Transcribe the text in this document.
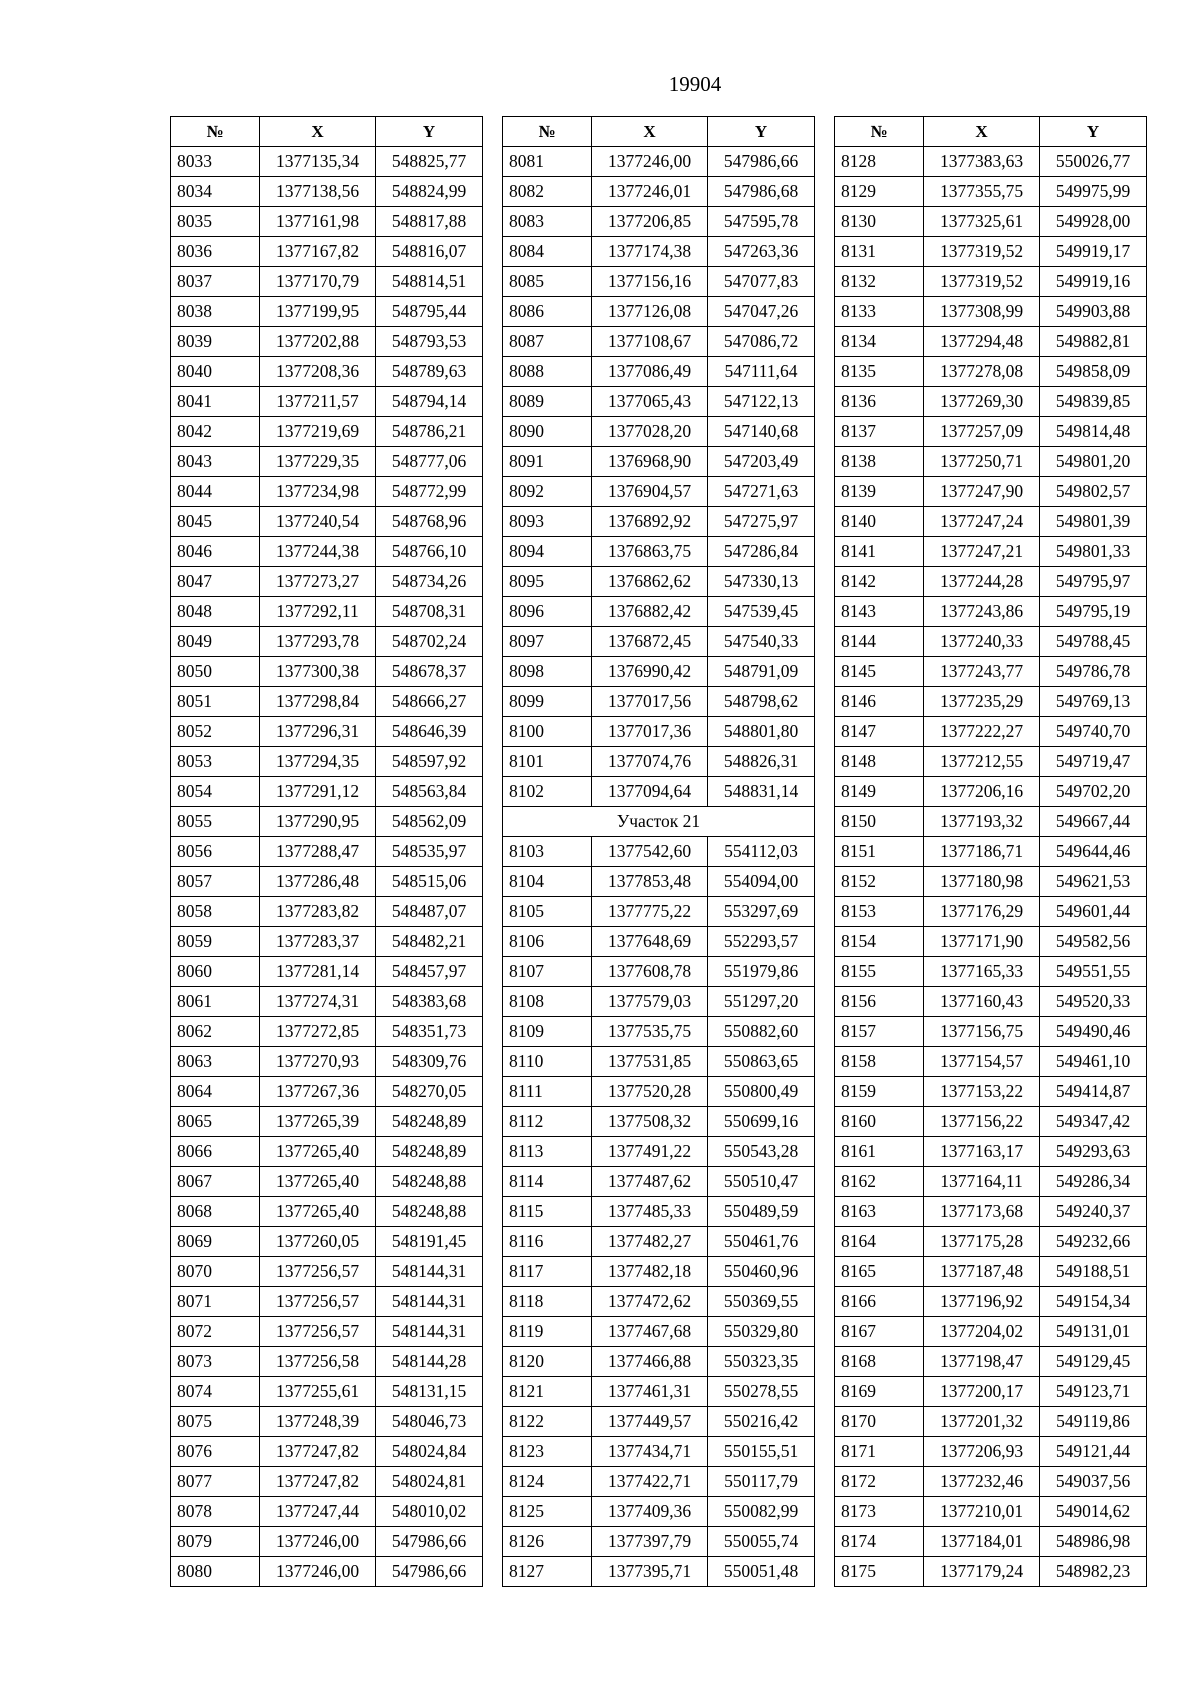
19904
№	X	Y
8033	1377135,34	548825,77
8034	1377138,56	548824,99
8035	1377161,98	548817,88
8036	1377167,82	548816,07
8037	1377170,79	548814,51
8038	1377199,95	548795,44
8039	1377202,88	548793,53
8040	1377208,36	548789,63
8041	1377211,57	548794,14
8042	1377219,69	548786,21
8043	1377229,35	548777,06
8044	1377234,98	548772,99
8045	1377240,54	548768,96
8046	1377244,38	548766,10
8047	1377273,27	548734,26
8048	1377292,11	548708,31
8049	1377293,78	548702,24
8050	1377300,38	548678,37
8051	1377298,84	548666,27
8052	1377296,31	548646,39
8053	1377294,35	548597,92
8054	1377291,12	548563,84
8055	1377290,95	548562,09
8056	1377288,47	548535,97
8057	1377286,48	548515,06
8058	1377283,82	548487,07
8059	1377283,37	548482,21
8060	1377281,14	548457,97
8061	1377274,31	548383,68
8062	1377272,85	548351,73
8063	1377270,93	548309,76
8064	1377267,36	548270,05
8065	1377265,39	548248,89
8066	1377265,40	548248,89
8067	1377265,40	548248,88
8068	1377265,40	548248,88
8069	1377260,05	548191,45
8070	1377256,57	548144,31
8071	1377256,57	548144,31
8072	1377256,57	548144,31
8073	1377256,58	548144,28
8074	1377255,61	548131,15
8075	1377248,39	548046,73
8076	1377247,82	548024,84
8077	1377247,82	548024,81
8078	1377247,44	548010,02
8079	1377246,00	547986,66
8080	1377246,00	547986,66
№	X	Y
8081	1377246,00	547986,66
8082	1377246,01	547986,68
8083	1377206,85	547595,78
8084	1377174,38	547263,36
8085	1377156,16	547077,83
8086	1377126,08	547047,26
8087	1377108,67	547086,72
8088	1377086,49	547111,64
8089	1377065,43	547122,13
8090	1377028,20	547140,68
8091	1376968,90	547203,49
8092	1376904,57	547271,63
8093	1376892,92	547275,97
8094	1376863,75	547286,84
8095	1376862,62	547330,13
8096	1376882,42	547539,45
8097	1376872,45	547540,33
8098	1376990,42	548791,09
8099	1377017,56	548798,62
8100	1377017,36	548801,80
8101	1377074,76	548826,31
8102	1377094,64	548831,14
Участок 21		
8103	1377542,60	554112,03
8104	1377853,48	554094,00
8105	1377775,22	553297,69
8106	1377648,69	552293,57
8107	1377608,78	551979,86
8108	1377579,03	551297,20
8109	1377535,75	550882,60
8110	1377531,85	550863,65
8111	1377520,28	550800,49
8112	1377508,32	550699,16
8113	1377491,22	550543,28
8114	1377487,62	550510,47
8115	1377485,33	550489,59
8116	1377482,27	550461,76
8117	1377482,18	550460,96
8118	1377472,62	550369,55
8119	1377467,68	550329,80
8120	1377466,88	550323,35
8121	1377461,31	550278,55
8122	1377449,57	550216,42
8123	1377434,71	550155,51
8124	1377422,71	550117,79
8125	1377409,36	550082,99
8126	1377397,79	550055,74
8127	1377395,71	550051,48
№	X	Y
8128	1377383,63	550026,77
8129	1377355,75	549975,99
8130	1377325,61	549928,00
8131	1377319,52	549919,17
8132	1377319,52	549919,16
8133	1377308,99	549903,88
8134	1377294,48	549882,81
8135	1377278,08	549858,09
8136	1377269,30	549839,85
8137	1377257,09	549814,48
8138	1377250,71	549801,20
8139	1377247,90	549802,57
8140	1377247,24	549801,39
8141	1377247,21	549801,33
8142	1377244,28	549795,97
8143	1377243,86	549795,19
8144	1377240,33	549788,45
8145	1377243,77	549786,78
8146	1377235,29	549769,13
8147	1377222,27	549740,70
8148	1377212,55	549719,47
8149	1377206,16	549702,20
8150	1377193,32	549667,44
8151	1377186,71	549644,46
8152	1377180,98	549621,53
8153	1377176,29	549601,44
8154	1377171,90	549582,56
8155	1377165,33	549551,55
8156	1377160,43	549520,33
8157	1377156,75	549490,46
8158	1377154,57	549461,10
8159	1377153,22	549414,87
8160	1377156,22	549347,42
8161	1377163,17	549293,63
8162	1377164,11	549286,34
8163	1377173,68	549240,37
8164	1377175,28	549232,66
8165	1377187,48	549188,51
8166	1377196,92	549154,34
8167	1377204,02	549131,01
8168	1377198,47	549129,45
8169	1377200,17	549123,71
8170	1377201,32	549119,86
8171	1377206,93	549121,44
8172	1377232,46	549037,56
8173	1377210,01	549014,62
8174	1377184,01	548986,98
8175	1377179,24	548982,23
